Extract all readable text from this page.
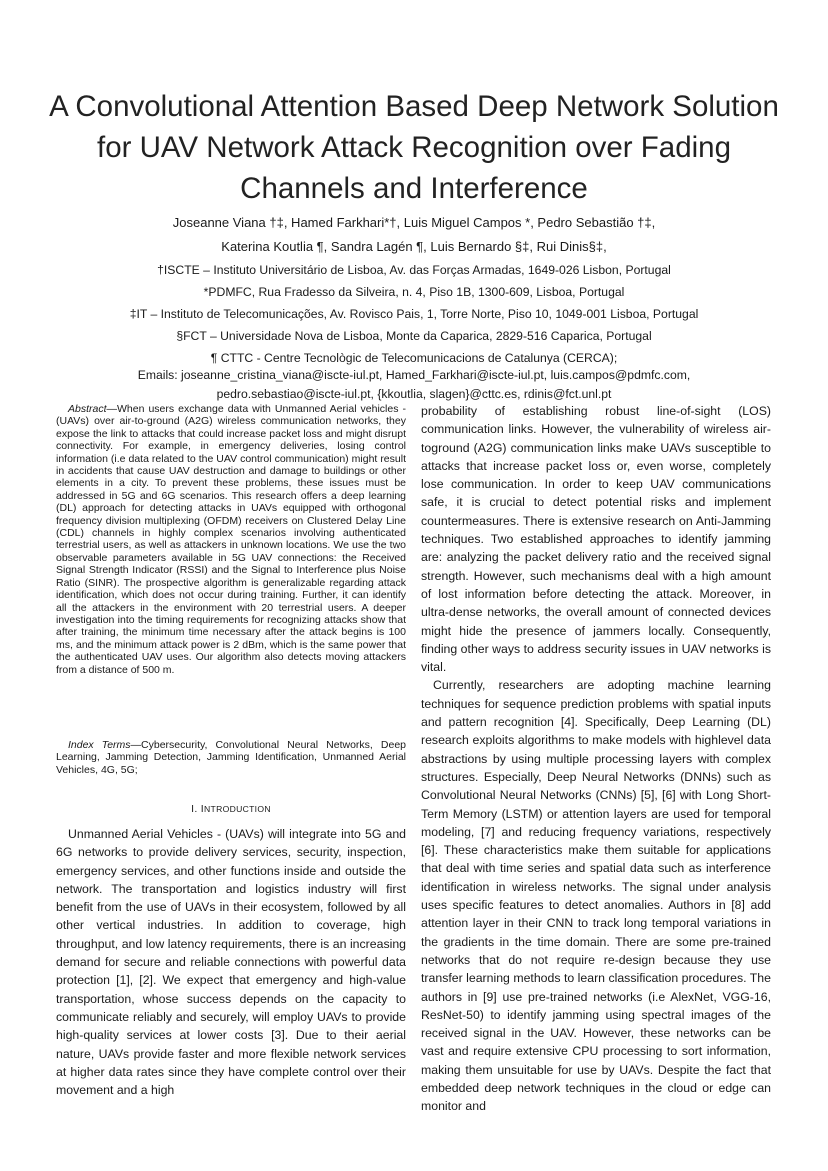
A Convolutional Attention Based Deep Network Solution for UAV Network Attack Recognition over Fading Channels and Interference
Joseanne Viana †‡, Hamed Farkhari*†, Luis Miguel Campos *, Pedro Sebastião †‡,
Katerina Koutlia ¶, Sandra Lagén ¶, Luis Bernardo §‡, Rui Dinis§‡,
†ISCTE – Instituto Universitário de Lisboa, Av. das Forças Armadas, 1649-026 Lisbon, Portugal
*PDMFC, Rua Fradesso da Silveira, n. 4, Piso 1B, 1300-609, Lisboa, Portugal
‡IT – Instituto de Telecomunicações, Av. Rovisco Pais, 1, Torre Norte, Piso 10, 1049-001 Lisboa, Portugal
§FCT – Universidade Nova de Lisboa, Monte da Caparica, 2829-516 Caparica, Portugal
¶ CTTC - Centre Tecnològic de Telecomunicacions de Catalunya (CERCA);
Emails: joseanne_cristina_viana@iscte-iul.pt, Hamed_Farkhari@iscte-iul.pt, luis.campos@pdmfc.com,
pedro.sebastiao@iscte-iul.pt, {kkoutlia, slagen}@cttc.es, rdinis@fct.unl.pt
Abstract—When users exchange data with Unmanned Aerial vehicles - (UAVs) over air-to-ground (A2G) wireless communication networks, they expose the link to attacks that could increase packet loss and might disrupt connectivity. For example, in emergency deliveries, losing control information (i.e data related to the UAV control communication) might result in accidents that cause UAV destruction and damage to buildings or other elements in a city. To prevent these problems, these issues must be addressed in 5G and 6G scenarios. This research offers a deep learning (DL) approach for detecting attacks in UAVs equipped with orthogonal frequency division multiplexing (OFDM) receivers on Clustered Delay Line (CDL) channels in highly complex scenarios involving authenticated terrestrial users, as well as attackers in unknown locations. We use the two observable parameters available in 5G UAV connections: the Received Signal Strength Indicator (RSSI) and the Signal to Interference plus Noise Ratio (SINR). The prospective algorithm is generalizable regarding attack identification, which does not occur during training. Further, it can identify all the attackers in the environment with 20 terrestrial users. A deeper investigation into the timing requirements for recognizing attacks show that after training, the minimum time necessary after the attack begins is 100 ms, and the minimum attack power is 2 dBm, which is the same power that the authenticated UAV uses. Our algorithm also detects moving attackers from a distance of 500 m.
Index Terms—Cybersecurity, Convolutional Neural Networks, Deep Learning, Jamming Detection, Jamming Identification, Unmanned Aerial Vehicles, 4G, 5G;
I. INTRODUCTION
Unmanned Aerial Vehicles - (UAVs) will integrate into 5G and 6G networks to provide delivery services, security, inspection, emergency services, and other functions inside and outside the network. The transportation and logistics industry will first benefit from the use of UAVs in their ecosystem, followed by all other vertical industries. In addition to coverage, high throughput, and low latency requirements, there is an increasing demand for secure and reliable connections with powerful data protection [1], [2]. We expect that emergency and high-value transportation, whose success depends on the capacity to communicate reliably and securely, will employ UAVs to provide high-quality services at lower costs [3]. Due to their aerial nature, UAVs provide faster and more flexible network services at higher data rates since they have complete control over their movement and a high

probability of establishing robust line-of-sight (LOS) communication links. However, the vulnerability of wireless air-toground (A2G) communication links make UAVs susceptible to attacks that increase packet loss or, even worse, completely lose communication. In order to keep UAV communications safe, it is crucial to detect potential risks and implement countermeasures. There is extensive research on Anti-Jamming techniques. Two established approaches to identify jamming are: analyzing the packet delivery ratio and the received signal strength. However, such mechanisms deal with a high amount of lost information before detecting the attack. Moreover, in ultra-dense networks, the overall amount of connected devices might hide the presence of jammers locally. Consequently, finding other ways to address security issues in UAV networks is vital.

Currently, researchers are adopting machine learning techniques for sequence prediction problems with spatial inputs and pattern recognition [4]. Specifically, Deep Learning (DL) research exploits algorithms to make models with highlevel data abstractions by using multiple processing layers with complex structures. Especially, Deep Neural Networks (DNNs) such as Convolutional Neural Networks (CNNs) [5], [6] with Long Short-Term Memory (LSTM) or attention layers are used for temporal modeling, [7] and reducing frequency variations, respectively [6]. These characteristics make them suitable for applications that deal with time series and spatial data such as interference identification in wireless networks. The signal under analysis uses specific features to detect anomalies. Authors in [8] add attention layer in their CNN to track long temporal variations in the gradients in the time domain. There are some pre-trained networks that do not require re-design because they use transfer learning methods to learn classification procedures. The authors in [9] use pre-trained networks (i.e AlexNet, VGG-16, ResNet-50) to identify jamming using spectral images of the received signal in the UAV. However, these networks can be vast and require extensive CPU processing to sort information, making them unsuitable for use by UAVs. Despite the fact that embedded deep network techniques in the cloud or edge can monitor and
